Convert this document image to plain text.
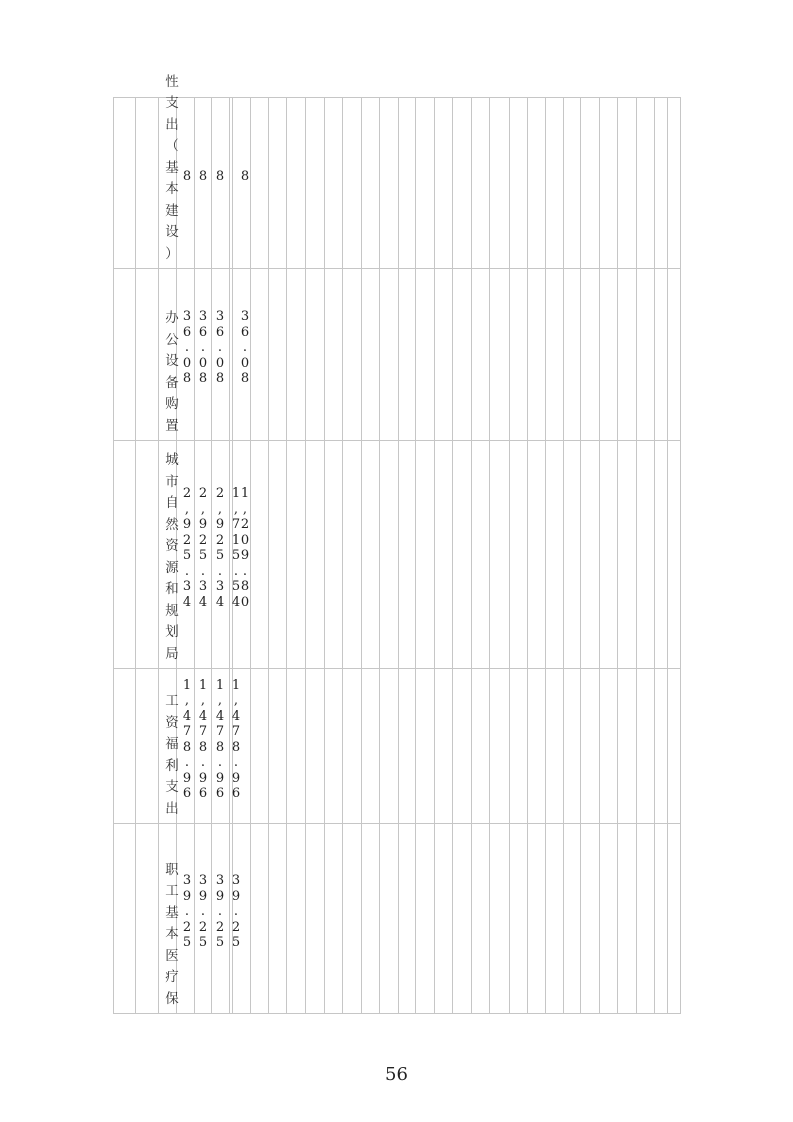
性
支
出
（
基
本
建
设
）
8 8 8 8
办
公
设
备
购
置
3
6
.
0
8
3
6
.
0
8
3
6
.
0
8
3
6
.
0
8
城
市
自
然
资
源
和
规
划
局
2
,
9
2
5
.
3
4
2
,
9
2
5
.
3
4
2
,
9
2
5
.
3
4
1
,
7
1
5
.
5
4
1
,
2
0
9
.
8
0
工
资
福
利
支
出
1
,
4
7
8
.
9
6
1
,
4
7
8
.
9
6
1
,
4
7
8
.
9
6
1
,
4
7
8
.
9
6
职
工
基
本
医
疗
保
3
9
.
2
5
3
9
.
2
5
3
9
.
2
5
3
9
.
2
5
56
